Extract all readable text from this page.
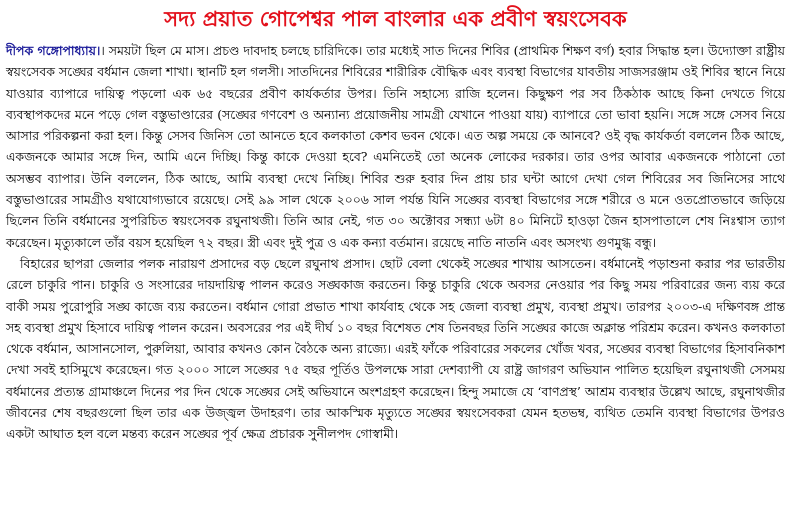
সদ্য প্রয়াত গোপেশ্বর পাল বাংলার এক প্রবীণ স্বয়ংসেবক

দীপক গঙ্গোপাধ্যায়।। সময়টা ছিল মে মাস। প্রচণ্ড দাবদাহ চলছে চারিদিকে। তার মধ্যেই সাত দিনের শিবির (প্রাথমিক শিক্ষণ বর্গ) হবার সিদ্ধান্ত হল। উদ্যোক্তা রাষ্ট্রীয় স্বয়ংসেবক সঙ্ঘের বর্ধমান জেলা শাখা। স্থানটি হল গলসী। সাতদিনের শিবিরের শারীরিক বৌদ্ধিক এবং ব্যবস্থা বিভাগের যাবতীয় সাজসরঞ্জাম ওই শিবির স্থানে নিয়ে যাওয়ার ব্যাপারে দায়িত্ব পড়লো এক ৬৫ বছরের প্রবীণ কার্যকর্তার উপর। তিনি সহাস্যে রাজি হলেন। কিছুক্ষণ পর সব ঠিকঠাক আছে কিনা দেখতে গিয়ে ব্যবস্থাপকদের মনে পড়ে গেল বস্তুভাণ্ডারের (সঙ্ঘের গণবেশ ও অন্যান্য প্রয়োজনীয় সামগ্রী যেখানে পাওয়া যায়) ব্যাপারে তো ভাবা হয়নি। সঙ্গে সঙ্গে সেসব নিয়ে আসার পরিকল্পনা করা হল। কিন্তু সেসব জিনিস তো আনতে হবে কলকাতা কেশব ভবন থেকে। এত অল্প সময়ে কে আনবে? ওই বৃদ্ধ কার্যকর্তা বললেন ঠিক আছে, একজনকে আমার সঙ্গে দিন, আমি এনে দিচ্ছি। কিন্তু কাকে দেওয়া হবে? এমনিতেই তো অনেক লোকের দরকার। তার ওপর আবার একজনকে পাঠানো তো অসম্ভব ব্যাপার। উনি বললেন, ঠিক আছে, আমি ব্যবস্থা দেখে নিচ্ছি। শিবির শুরু হবার দিন প্রায় চার ঘন্টা আগে দেখা গেল শিবিরের সব জিনিসের সাথে বস্তুভাণ্ডারের সামগ্রীও যথাযোগ্যভাবে রয়েছে। সেই ৯৯ সাল থেকে ২০০৬ সাল পর্যন্ত যিনি সঙ্ঘের ব্যবস্থা বিভাগের সঙ্গে শরীরে ও মনে ওতপ্রোতভাবে জড়িয়ে ছিলেন তিনি বর্ধমানের সুপরিচিত স্বয়ংসেবক রঘুনাথজী। তিনি আর নেই, গত ৩০ অক্টোবর সন্ধ্যা ৬টা ৪০ মিনিটে হাওড়া জৈন হাসপাতালে শেষ নিঃশ্বাস ত্যাগ করেছেন। মৃত্যুকালে তাঁর বয়স হয়েছিল ৭২ বছর। স্ত্রী এবং দুই পুত্র ও এক কন্যা বর্তমান। রয়েছে নাতি নাতনি এবং অসংখ্য গুণমুগ্ধ বন্ধু।

বিহারের ছাপরা জেলার পলক নারায়ণ প্রসাদের বড় ছেলে রঘুনাথ প্রসাদ। ছোট বেলা থেকেই সঙ্ঘের শাখায় আসতেন। বর্ধমানেই পড়াশুনা করার পর ভারতীয় রেলে চাকুরি পান। চাকুরি ও সংসারের দায়দায়িত্ব পালন করেও সঙ্ঘকাজ করতেন। কিন্তু চাকুরি থেকে অবসর নেওয়ার পর কিছু সময় পরিবারের জন্য ব্যয় করে বাকী সময় পুরোপুরি সঙ্ঘ কাজে ব্যয় করতেন। বর্ধমান গোরা প্রভাত শাখা কার্যবাহ থেকে সহ জেলা ব্যবস্থা প্রমুখ, ব্যবস্থা প্রমুখ। তারপর ২০০৩-এ দক্ষিণবঙ্গ প্রান্ত সহ ব্যবস্থা প্রমুখ হিসাবে দায়িত্ব পালন করেন। অবসরের পর এই দীর্ঘ ১০ বছর বিশেষত শেষ তিনবছর তিনি সঙ্ঘের কাজে অক্লান্ত পরিশ্রম করেন। কখনও কলকাতা থেকে বর্ধমান, আসানসোল, পুরুলিয়া, আবার কখনও কোন বৈঠকে অন্য রাজ্যে। এরই ফাঁকে পরিবারের সকলের খোঁজ খবর, সঙ্ঘের ব্যবস্থা বিভাগের হিসাবনিকাশ দেখা সবই হাসিমুখে করেছেন। গত ২০০০ সালে সঙ্ঘের ৭৫ বছর পূর্তিও উপলক্ষে সারা দেশব্যাপী যে রাষ্ট্র জাগরণ অভিযান পালিত হয়েছিল রঘুনাথজী সেসময় বর্ধমানের প্রত্যন্ত গ্রামাঞ্চলে দিনের পর দিন থেকে সঙ্ঘের সেই অভিযানে অংশগ্রহণ করেছেন। হিন্দু সমাজে যে ‘বাণপ্রস্থ’ আশ্রম ব্যবস্থার উল্লেখ আছে, রঘুনাথজীর জীবনের শেষ বছরগুলো ছিল তার এক উজ্জ্বল উদাহরণ। তার আকস্মিক মৃত্যুতে সঙ্ঘের স্বয়ংসেবকরা যেমন হতভম্ব, ব্যথিত তেমনি ব্যবস্থা বিভাগের উপরও একটা আঘাত হল বলে মন্তব্য করেন সঙ্ঘের পূর্ব ক্ষেত্র প্রচারক সুনীলপদ গোস্বামী।
